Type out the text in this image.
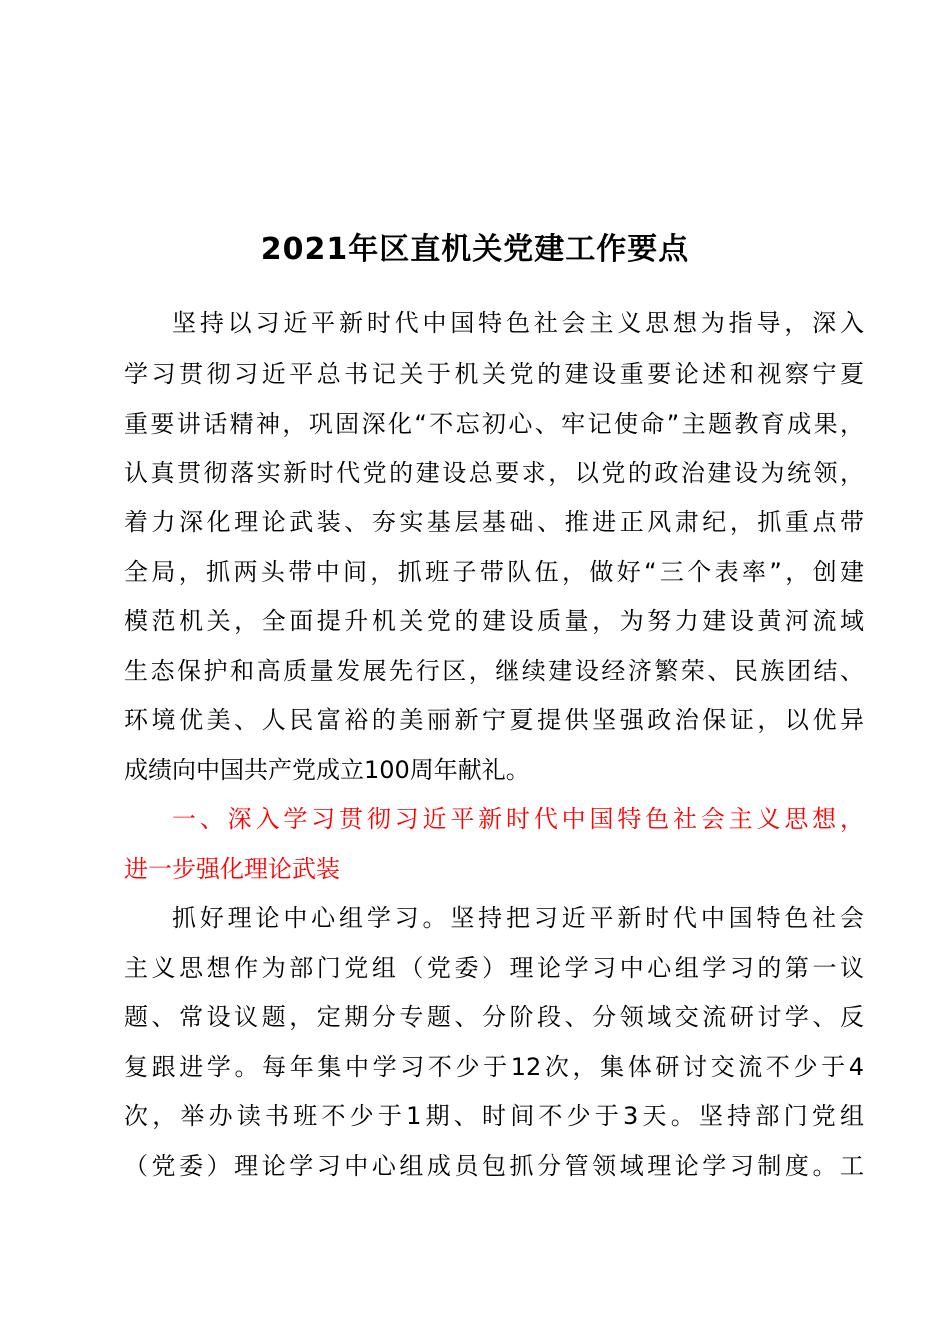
2021年区直机关党建工作要点
坚持以习近平新时代中国特色社会主义思想为指导，深入
学习贯彻习近平总书记关于机关党的建设重要论述和视察宁夏
重要讲话精神，巩固深化“不忘初心、牢记使命”主题教育成果，
认真贯彻落实新时代党的建设总要求，以党的政治建设为统领，
着力深化理论武装、夯实基层基础、推进正风肃纪，抓重点带
全局，抓两头带中间，抓班子带队伍，做好“三个表率”，创建
模范机关，全面提升机关党的建设质量，为努力建设黄河流域
生态保护和高质量发展先行区，继续建设经济繁荣、民族团结、
环境优美、人民富裕的美丽新宁夏提供坚强政治保证，以优异
成绩向中国共产党成立100周年献礼。
一、深入学习贯彻习近平新时代中国特色社会主义思想，
进一步强化理论武装
抓好理论中心组学习。坚持把习近平新时代中国特色社会
主义思想作为部门党组（党委）理论学习中心组学习的第一议
题、常设议题，定期分专题、分阶段、分领域交流研讨学、反
复跟进学。每年集中学习不少于12次，集体研讨交流不少于4
次，举办读书班不少于1期、时间不少于3天。坚持部门党组
（党委）理论学习中心组成员包抓分管领域理论学习制度。工
